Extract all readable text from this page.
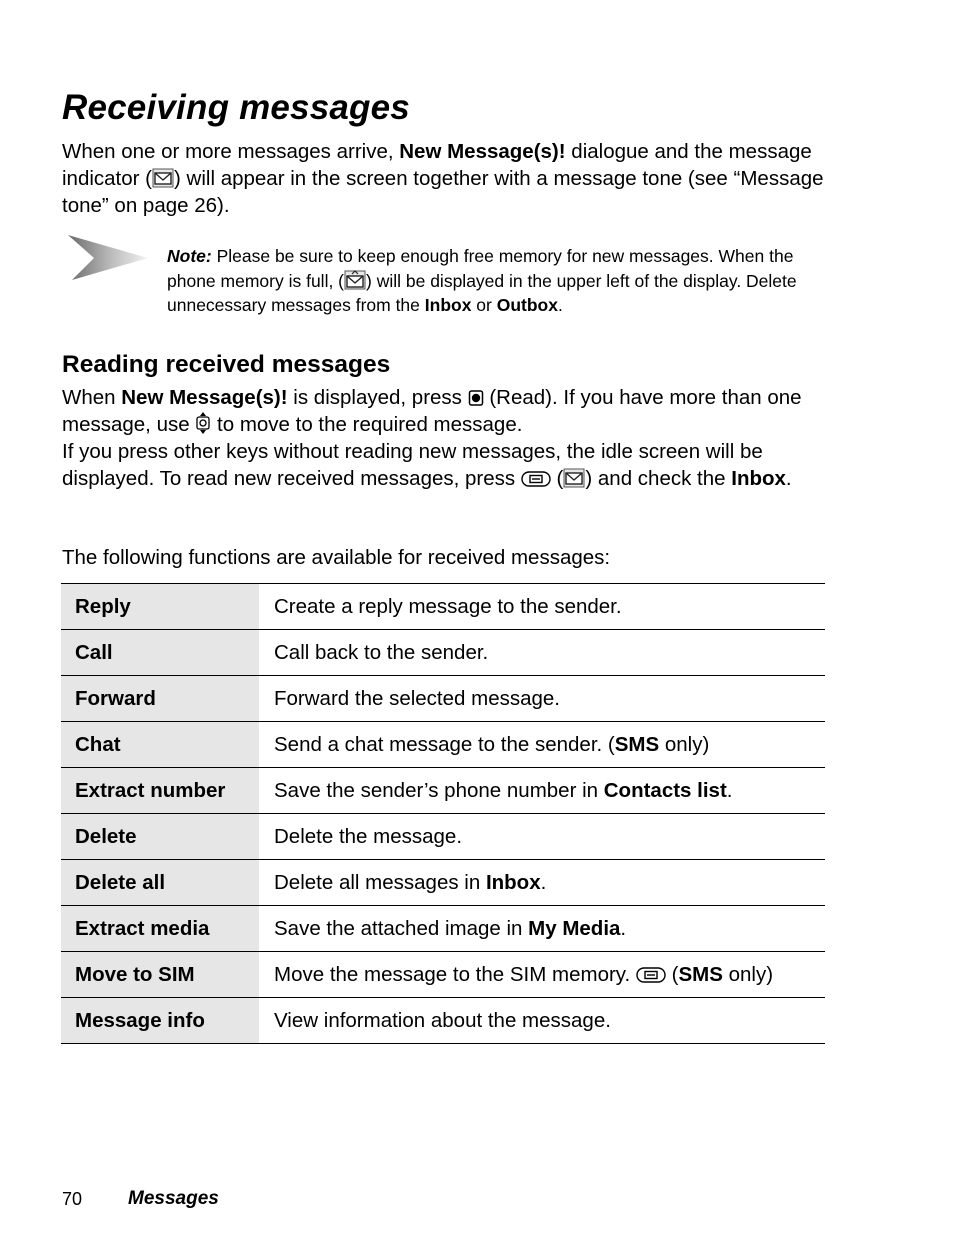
Receiving messages

When one or more messages arrive, New Message(s)! dialogue and the message indicator ( ) will appear in the screen together with a message tone (see “Message tone” on page 26).

Note: Please be sure to keep enough free memory for new messages. When the phone memory is full, ( ) will be displayed in the upper left of the display. Delete unnecessary messages from the Inbox or Outbox.

Reading received messages

When New Message(s)! is displayed, press  (Read). If you have more than one message, use  to move to the required message.

If you press other keys without reading new messages, the idle screen will be displayed. To read new received messages, press  ( ) and check the Inbox.

The following functions are available for received messages:

Reply	Create a reply message to the sender.
Call	Call back to the sender.
Forward	Forward the selected message.
Chat	Send a chat message to the sender. (SMS only)
Extract number	Save the sender’s phone number in Contacts list.
Delete	Delete the message.
Delete all	Delete all messages in Inbox.
Extract media	Save the attached image in My Media.
Move to SIM	Move the message to the SIM memory.  (SMS only)
Message info	View information about the message.
70 Messages
